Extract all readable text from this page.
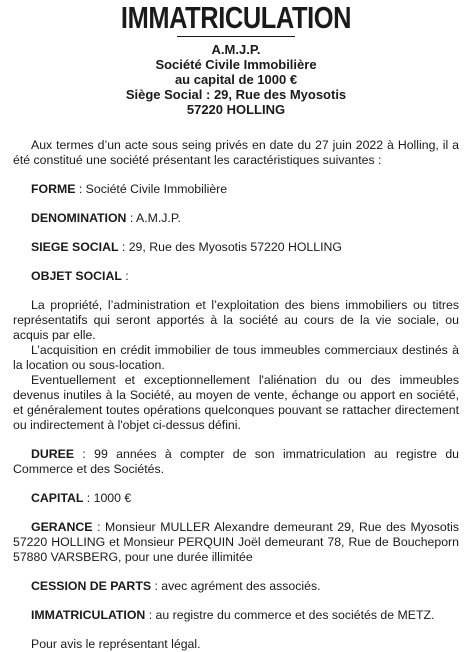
IMMATRICULATION
A.M.J.P.
Société Civile Immobilière
au capital de 1000 €
Siège Social : 29, Rue des Myosotis
57220 HOLLING

Aux termes d’un acte sous seing privés en date du 27 juin 2022 à Holling, il a été constitué une société présentant les caractéristiques suivantes :

FORME : Société Civile Immobilière

DENOMINATION : A.M.J.P.

SIEGE SOCIAL : 29, Rue des Myosotis 57220 HOLLING

OBJET SOCIAL :

La propriété, l’administration et l’exploitation des biens immobiliers ou titres représentatifs qui seront apportés à la société au cours de la vie sociale, ou acquis par elle.

L’acquisition en crédit immobilier de tous immeubles commerciaux destinés à la location ou sous-location.

Eventuellement et exceptionnellement l'aliénation du ou des immeubles devenus inutiles à la Société, au moyen de vente, échange ou apport en société, et généralement toutes opérations quelconques pouvant se rattacher directement ou indirectement à l'objet ci-dessus défini.

DUREE : 99 années à compter de son immatriculation au registre du Commerce et des Sociétés.

CAPITAL : 1000 €

GERANCE : Monsieur MULLER Alexandre demeurant 29, Rue des Myosotis 57220 HOLLING et Monsieur PERQUIN Joël demeurant 78, Rue de Boucheporn 57880 VARSBERG, pour une durée illimitée

CESSION DE PARTS : avec agrément des associés.

IMMATRICULATION : au registre du commerce et des sociétés de METZ.

Pour avis le représentant légal.
